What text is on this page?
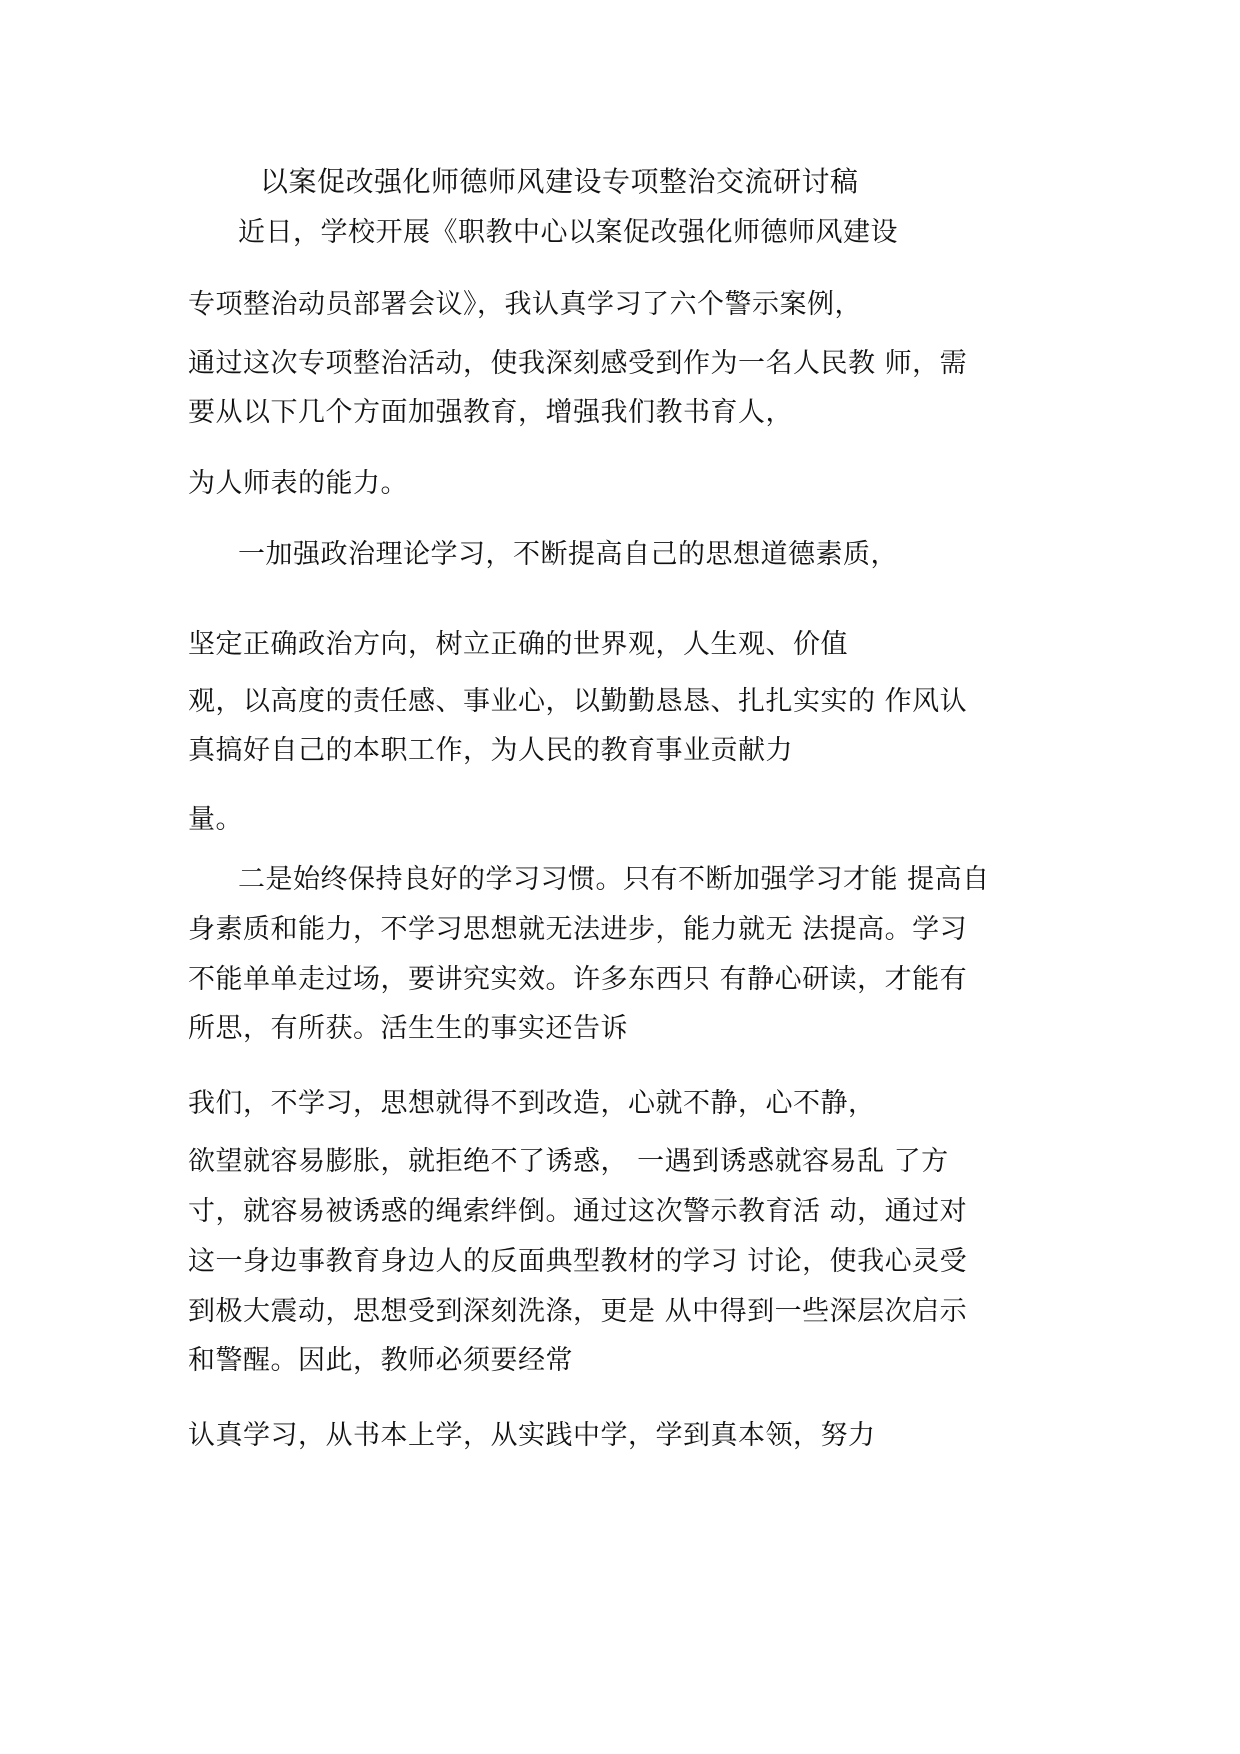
以案促改强化师德师风建设专项整治交流研讨稿
近日，学校开展《职教中心以案促改强化师德师风建设
专项整治动员部署会议》，我认真学习了六个警示案例，
通过这次专项整治活动，使我深刻感受到作为一名人民教 师，需
要从以下几个方面加强教育，增强我们教书育人，
为人师表的能力。
一加强政治理论学习，不断提高自己的思想道德素质，
坚定正确政治方向，树立正确的世界观，人生观、价值
观，以高度的责任感、事业心，以勤勤恳恳、扎扎实实的 作风认
真搞好自己的本职工作，为人民的教育事业贡献力
量。
二是始终保持良好的学习习惯。只有不断加强学习才能 提高自
身素质和能力，不学习思想就无法进步，能力就无 法提高。学习
不能单单走过场，要讲究实效。许多东西只 有静心研读，才能有
所思，有所获。活生生的事实还告诉
我们，不学习，思想就得不到改造，心就不静，心不静，
欲望就容易膨胀，就拒绝不了诱惑， 一遇到诱惑就容易乱 了方
寸，就容易被诱惑的绳索绊倒。通过这次警示教育活 动，通过对
这一身边事教育身边人的反面典型教材的学习 讨论，使我心灵受
到极大震动，思想受到深刻洗涤，更是 从中得到一些深层次启示
和警醒。因此，教师必须要经常
认真学习，从书本上学，从实践中学，学到真本领，努力
